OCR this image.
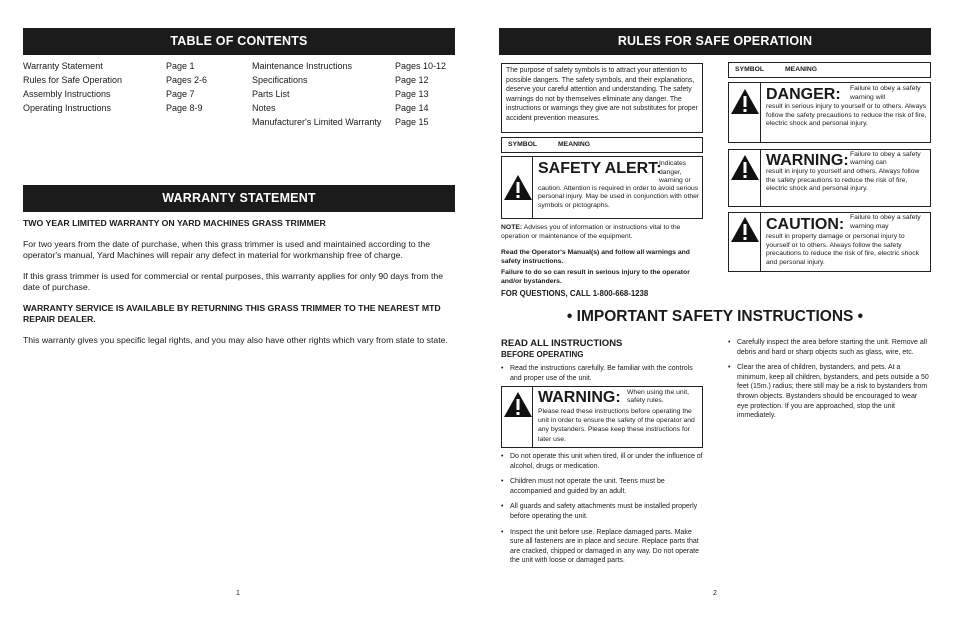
TABLE OF CONTENTS
Warranty Statement	Page 1
Rules for Safe Operation	Pages 2-6
Assembly Instructions	Page 7
Operating Instructions	Page 8-9
Maintenance Instructions	Pages 10-12
Specifications	Page 12
Parts List	Page 13
Notes	Page 14
Manufacturer's Limited Warranty	Page 15
WARRANTY STATEMENT

TWO YEAR LIMITED WARRANTY ON YARD MACHINES GRASS TRIMMER

For two years from the date of purchase, when this grass trimmer is used and maintained according to the operator's manual, Yard Machines will repair any defect in material for workmanship free of charge.

If this grass trimmer is used for commercial or rental purposes, this warranty applies for only 90 days from the date of purchase.

WARRANTY SERVICE IS AVAILABLE BY RETURNING THIS GRASS TRIMMER TO THE NEAREST MTD REPAIR DEALER.

This warranty gives you specific legal rights, and you may also have other rights which vary from state to state.

1
RULES FOR SAFE OPERATIOIN
The purpose of safety symbols is to attract your attention to possible dangers. The safety symbols, and their explanations, deserve your careful attention and understanding. The safety warnings do not by themselves eliminate any danger. The instructions or warnings they give are not substitutes for proper accident prevention measures.
SYMBOL	MEANING
SAFETY ALERT:
Indicates danger, warning or
caution. Attention is required in order to avoid serious personal injury. May be used in conjunction with other symbols or pictographs.
NOTE: Advises you of information or instructions vital to the operation or maintenance of the equipment.
Read the Operator's Manual(s) and follow all warnings and safety instructions.
Failure to do so can result in serious injury to the operator and/or bystanders.
FOR QUESTIONS, CALL 1-800-668-1238
SYMBOL	MEANING
DANGER: Failure to obey a safety warning will
result in serious injury to yourself or to others. Always follow the safety precautions to reduce the risk of fire, electric shock and personal injury.
WARNING: Failure to obey a safety warning can
result in injury to yourself and others. Always follow the safety precautions to reduce the risk of fire, electric shock and personal injury.
CAUTION: Failure to obey a safety warning may
result in property damage or personal injury to yourself or to others. Always follow the safety precautions to reduce the risk of fire, electric shock and personal injury.
• IMPORTANT SAFETY INSTRUCTIONS •
READ ALL INSTRUCTIONS
BEFORE OPERATING
• Read the instructions carefully. Be familiar with the controls and proper use of the unit.
WARNING: When using the unit, safety rules.
Please read these instructions before operating the unit in order to ensure the safety of the operator and any bystanders. Please keep these instructions for later use.
• Do not operate this unit when tired, ill or under the influence of alcohol, drugs or medication.
• Children must not operate the unit. Teens must be accompanied and guided by an adult.
• All guards and safety attachments must be installed properly before operating the unit.
• Inspect the unit before use. Replace damaged parts. Make sure all fasteners are in place and secure. Replace parts that are cracked, chipped or damaged in any way. Do not operate the unit with loose or damaged parts.
• Carefully inspect the area before starting the unit. Remove all debris and hard or sharp objects such as glass, wire, etc.
• Clear the area of children, bystanders, and pets. At a minimum, keep all children, bystanders, and pets outside a 50 feet (15m.) radius; there still may be a risk to bystanders from thrown objects. Bystanders should be encouraged to wear eye protection. If you are approached, stop the unit immediately.
2
